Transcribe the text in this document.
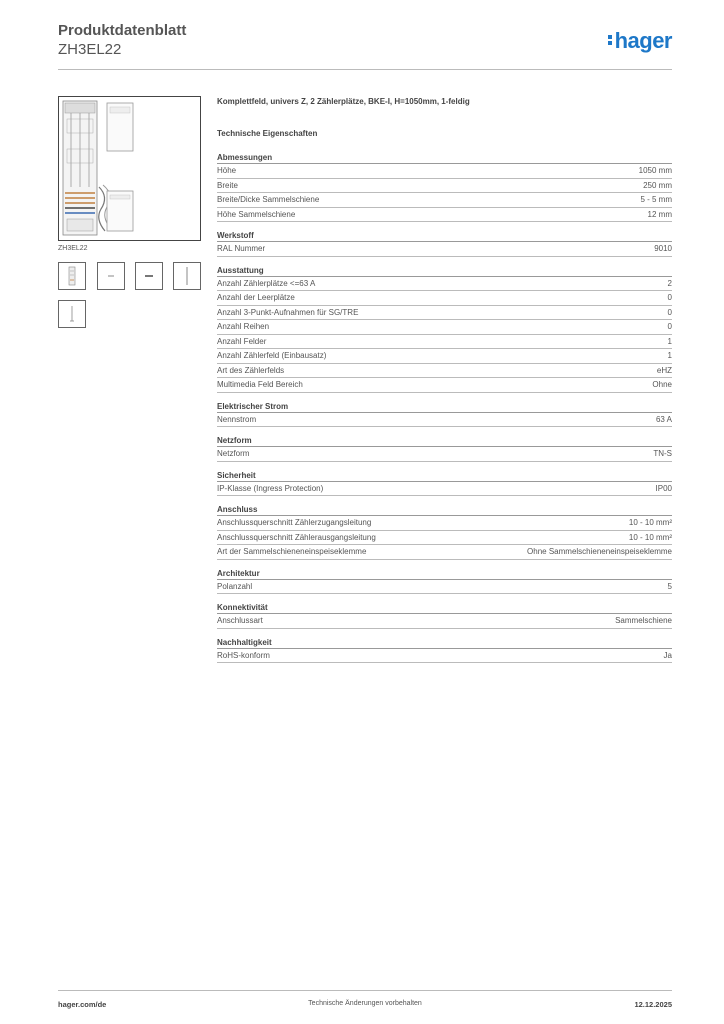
Produktdatenblatt
ZH3EL22	hager
ZH3EL22
Komplettfeld, univers Z, 2 Zählerplätze, BKE-I, H=1050mm, 1-feldig
Technische Eigenschaften
Abmessungen
Höhe	1050 mm
Breite	250 mm
Breite/Dicke Sammelschiene	5 - 5 mm
Höhe Sammelschiene	12 mm
Werkstoff
RAL Nummer	9010
Ausstattung
Anzahl Zählerplätze <=63 A	2
Anzahl der Leerplätze	0
Anzahl 3-Punkt-Aufnahmen für SG/TRE	0
Anzahl Reihen	0
Anzahl Felder	1
Anzahl Zählerfeld (Einbausatz)	1
Art des Zählerfelds	eHZ
Multimedia Feld Bereich	Ohne
Elektrischer Strom
Nennstrom	63 A
Netzform
Netzform	TN-S
Sicherheit
IP-Klasse (Ingress Protection)	IP00
Anschluss
Anschlussquerschnitt Zählerzugangsleitung	10 - 10 mm²
Anschlussquerschnitt Zählerausgangsleitung	10 - 10 mm²
Art der Sammelschieneneinspeiseklemme	Ohne Sammelschieneneinspeiseklemme
Architektur
Polanzahl	5
Konnektivität
Anschlussart	Sammelschiene
Nachhaltigkeit
RoHS-konform	Ja
hager.com/de	Technische Änderungen vorbehalten	12.12.2025
